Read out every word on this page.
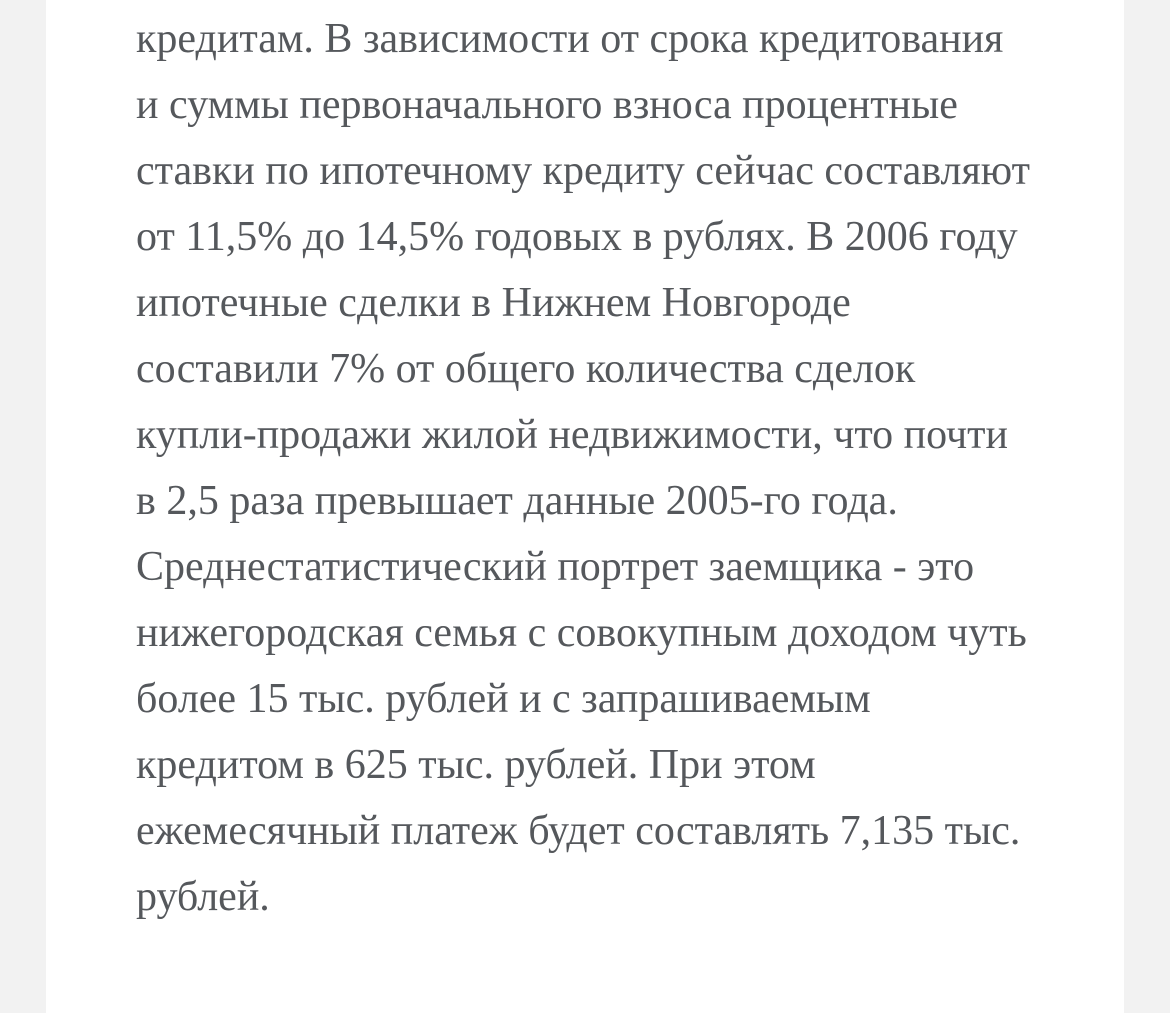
кредитам. В зависимости от срока кредитования и суммы первоначального взноса процентные ставки по ипотечному кредиту сейчас составляют от 11,5% до 14,5% годовых в рублях. В 2006 году ипотечные сделки в Нижнем Новгороде составили 7% от общего количества сделок купли-продажи жилой недвижимости, что почти в 2,5 раза превышает данные 2005-го года. Среднестатистический портрет заемщика - это нижегородская семья с совокупным доходом чуть более 15 тыс. рублей и с запрашиваемым кредитом в 625 тыс. рублей. При этом ежемесячный платеж будет составлять 7,135 тыс. рублей.
